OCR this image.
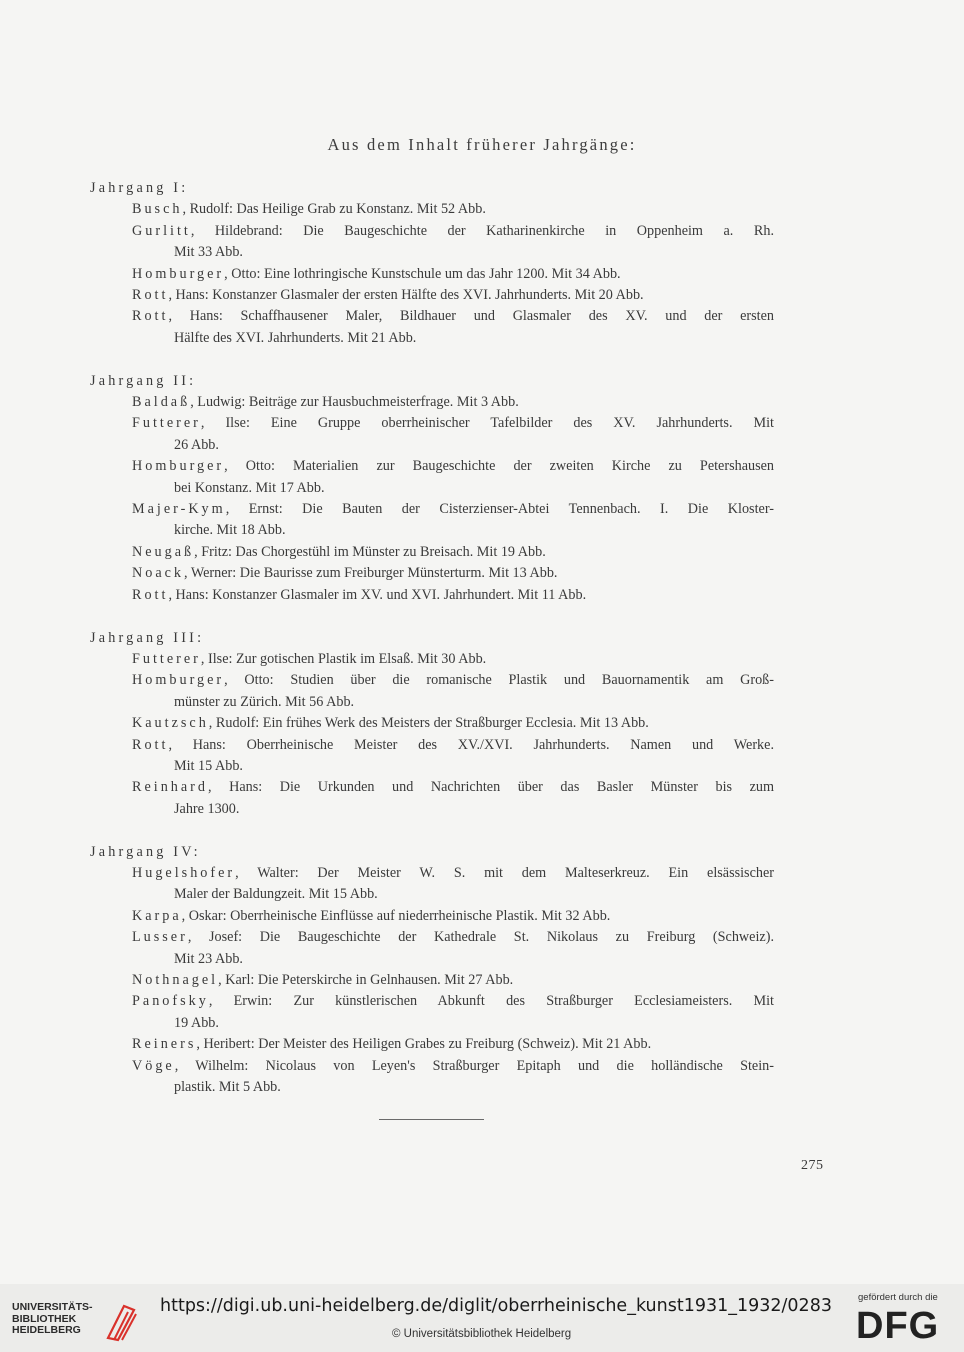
Aus dem Inhalt früherer Jahrgänge:
Jahrgang I:
Busch, Rudolf: Das Heilige Grab zu Konstanz. Mit 52 Abb.
Gurlitt, Hildebrand: Die Baugeschichte der Katharinenkirche in Oppenheim a. Rh.
Mit 33 Abb.
Homburger, Otto: Eine lothringische Kunstschule um das Jahr 1200. Mit 34 Abb.
Rott, Hans: Konstanzer Glasmaler der ersten Hälfte des XVI. Jahrhunderts. Mit 20 Abb.
Rott, Hans: Schaffhausener Maler, Bildhauer und Glasmaler des XV. und der ersten
Hälfte des XVI. Jahrhunderts. Mit 21 Abb.
Jahrgang II:
Baldaß, Ludwig: Beiträge zur Hausbuchmeisterfrage. Mit 3 Abb.
Futterer, Ilse: Eine Gruppe oberrheinischer Tafelbilder des XV. Jahrhunderts. Mit
26 Abb.
Homburger, Otto: Materialien zur Baugeschichte der zweiten Kirche zu Petershausen
bei Konstanz. Mit 17 Abb.
Majer-Kym, Ernst: Die Bauten der Cisterzienser-Abtei Tennenbach. I. Die Kloster-
kirche. Mit 18 Abb.
Neugaß, Fritz: Das Chorgestühl im Münster zu Breisach. Mit 19 Abb.
Noack, Werner: Die Baurisse zum Freiburger Münsterturm. Mit 13 Abb.
Rott, Hans: Konstanzer Glasmaler im XV. und XVI. Jahrhundert. Mit 11 Abb.
Jahrgang III:
Futterer, Ilse: Zur gotischen Plastik im Elsaß. Mit 30 Abb.
Homburger, Otto: Studien über die romanische Plastik und Bauornamentik am Groß-
münster zu Zürich. Mit 56 Abb.
Kautzsch, Rudolf: Ein frühes Werk des Meisters der Straßburger Ecclesia. Mit 13 Abb.
Rott, Hans: Oberrheinische Meister des XV./XVI. Jahrhunderts. Namen und Werke.
Mit 15 Abb.
Reinhard, Hans: Die Urkunden und Nachrichten über das Basler Münster bis zum
Jahre 1300.
Jahrgang IV:
Hugelshofer, Walter: Der Meister W. S. mit dem Malteserkreuz. Ein elsässischer
Maler der Baldungzeit. Mit 15 Abb.
Karpa, Oskar: Oberrheinische Einflüsse auf niederrheinische Plastik. Mit 32 Abb.
Lusser, Josef: Die Baugeschichte der Kathedrale St. Nikolaus zu Freiburg (Schweiz).
Mit 23 Abb.
Nothnagel, Karl: Die Peterskirche in Gelnhausen. Mit 27 Abb.
Panofsky, Erwin: Zur künstlerischen Abkunft des Straßburger Ecclesiameisters. Mit
19 Abb.
Reiners, Heribert: Der Meister des Heiligen Grabes zu Freiburg (Schweiz). Mit 21 Abb.
Vöge, Wilhelm: Nicolaus von Leyen's Straßburger Epitaph und die holländische Stein-
plastik. Mit 5 Abb.
275
UNIVERSITÄTS-
BIBLIOTHEK
HEIDELBERG
https://digi.ub.uni-heidelberg.de/diglit/oberrheinische_kunst1931_1932/0283
© Universitätsbibliothek Heidelberg
gefördert durch die
DFG
